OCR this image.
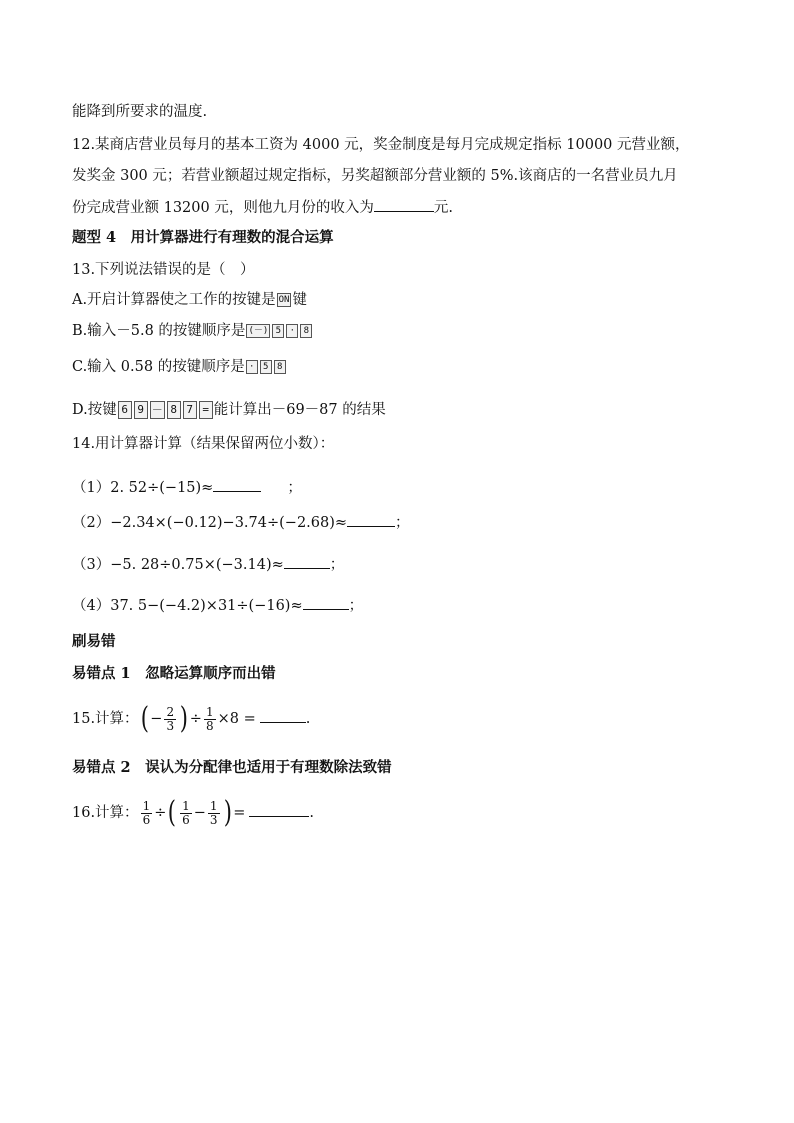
能降到所要求的温度.
12.某商店营业员每月的基本工资为 4000 元，奖金制度是每月完成规定指标 10000 元营业额，
发奖金 300 元；若营业额超过规定指标，另奖超额部分营业额的 5%.该商店的一名营业员九月
份完成营业额 13200 元，则他九月份的收入为	元.
题型 4　用计算器进行有理数的混合运算
13.下列说法错误的是（　）
A.开启计算器使之工作的按键是 ON 键
B.输入－5.8 的按键顺序是 (－) 5 · 8
C.输入 0.58 的按键顺序是 · 5 8
D.按键 6 9 － 8 7 = 能计算出－69－87 的结果
14.用计算器计算（结果保留两位小数）：
（1）2. 52÷(−15)≈	；
（2）−2.34×(−0.12)−3.74÷(−2.68)≈	；
（3）−5. 28÷0.75×(−3.14)≈	；
（4）37. 5−(−4.2)×31÷(−16)≈	；
刷易错
易错点 1　忽略运算顺序而出错
15.计算：( − $\frac{2}{3}$ ) ÷ $\frac{1}{8} \times 8$ =	.
易错点 2　误认为分配律也适用于有理数除法致错
16.计算： $\frac{1}{6}$ ÷( $\frac{1}{6} - \frac{1}{3}$ ) =	.
